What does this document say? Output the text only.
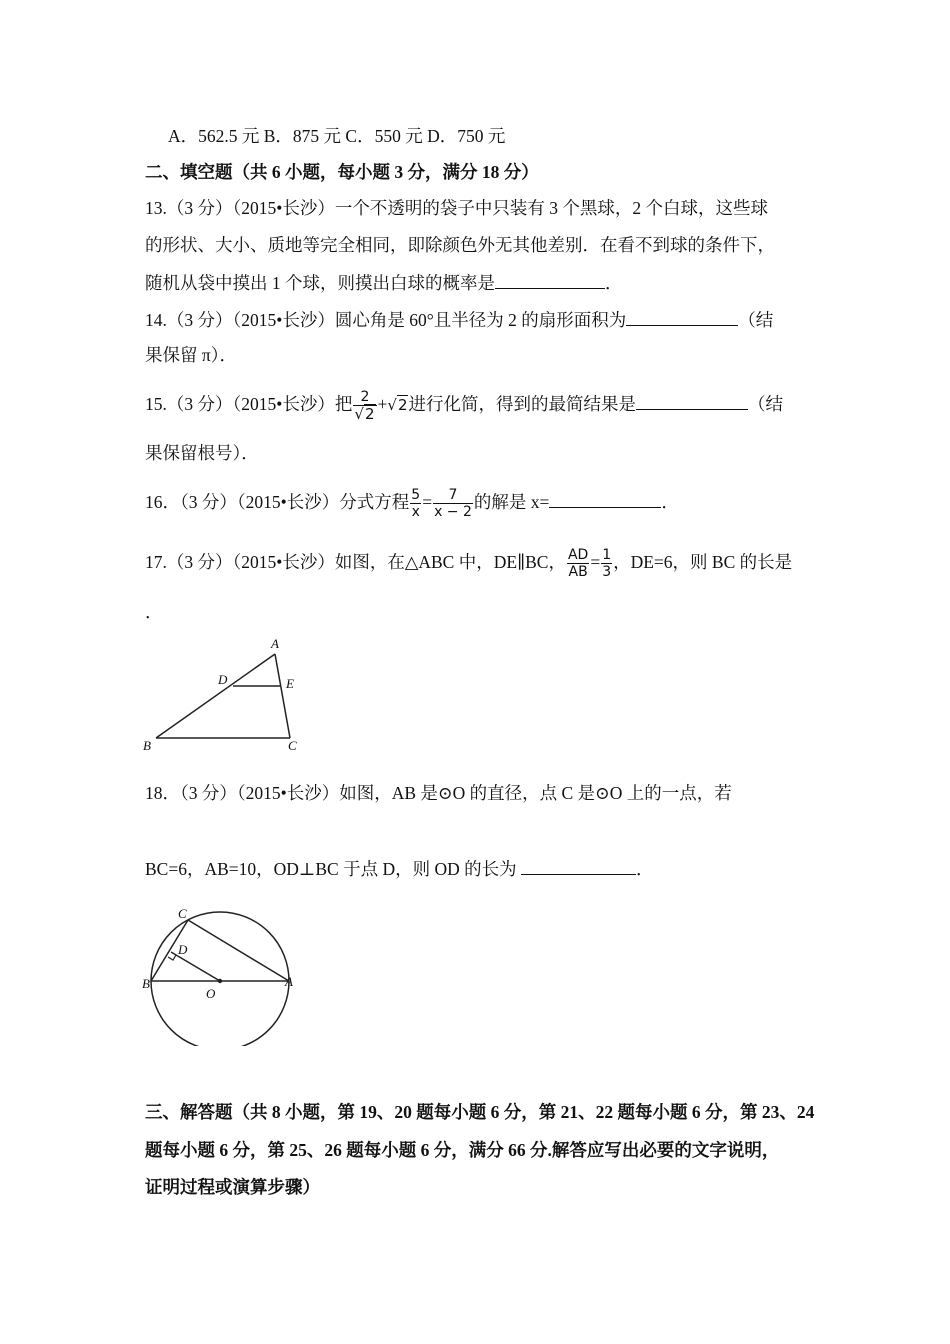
A．562.5 元 B．875 元 C．550 元 D．750 元
二、填空题（共 6 小题，每小题 3 分，满分 18 分）
13.（3 分）（2015•长沙）一个不透明的袋子中只装有 3 个黑球，2 个白球，这些球
的形状、大小、质地等完全相同，即除颜色外无其他差别．在看不到球的条件下，
随机从袋中摸出 1 个球，则摸出白球的概率是	．
14.（3 分）（2015•长沙）圆心角是 60°且半径为 2 的扇形面积为	（结
果保留 π）．
15.（3 分）（2015•长沙）把 $\frac{2}{√2} +√2$进行化简，得到的最简结果是	（结
果保留根号）．
16．（3 分）（2015•长沙）分式方程 $\frac{5}{x} = \frac{7}{x - 2}$ 的解是 x=	．
17.（3 分）（2015•长沙）如图，在△ABC 中，DE∥BC， $\frac{AD}{AB} = \frac{1}{3}$ ，DE=6，则 BC 的长是
．
A
D	E
B	C
18．（3 分）（2015•长沙）如图，AB 是⊙O 的直径，点 C 是⊙O 上的一点，若
BC=6，AB=10，OD⊥BC 于点 D，则 OD 的长为	．
C
D
B	A
O
三、解答题（共 8 小题，第 19、20 题每小题 6 分，第 21、22 题每小题 6 分，第 23、24
题每小题 6 分，第 25、26 题每小题 6 分，满分 66 分.解答应写出必要的文字说明，
证明过程或演算步骤）
